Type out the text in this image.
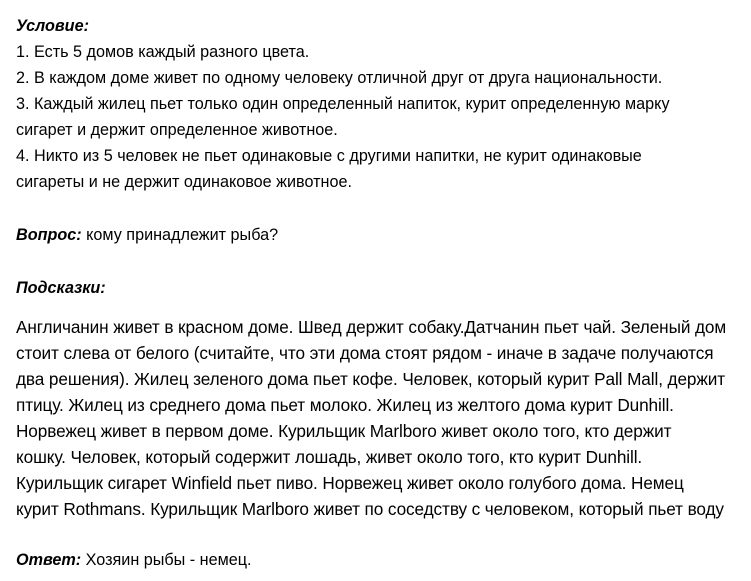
Условие:
1. Есть 5 домов каждый разного цвета.
2. В каждом доме живет по одному человеку отличной друг от друга национальности.
3. Каждый жилец пьет только один определенный напиток, курит определенную марку
сигарет и держит определенное животное.
4. Никто из 5 человек не пьет одинаковые с другими напитки, не курит одинаковые
сигареты и не держит одинаковое животное.
Вопрос: кому принадлежит рыба?
Подсказки:
Англичанин живет в красном доме. Швед держит собаку.Датчанин пьет чай. Зеленый дом
стоит слева от белого (считайте, что эти дома стоят рядом - иначе в задаче получаются
два решения). Жилец зеленого дома пьет кофе. Человек, который курит Pall Mall, держит
птицу. Жилец из среднего дома пьет молоко. Жилец из желтого дома курит Dunhill.
Норвежец живет в первом доме. Курильщик Marlboro живет около того, кто держит
кошку. Человек, который содержит лошадь, живет около того, кто курит Dunhill.
Курильщик сигарет Winfield пьет пиво. Норвежец живет около голубого дома. Немец
курит Rothmans. Курильщик Marlboro живет по соседству с человеком, который пьет воду
Ответ: Хозяин рыбы - немец.
